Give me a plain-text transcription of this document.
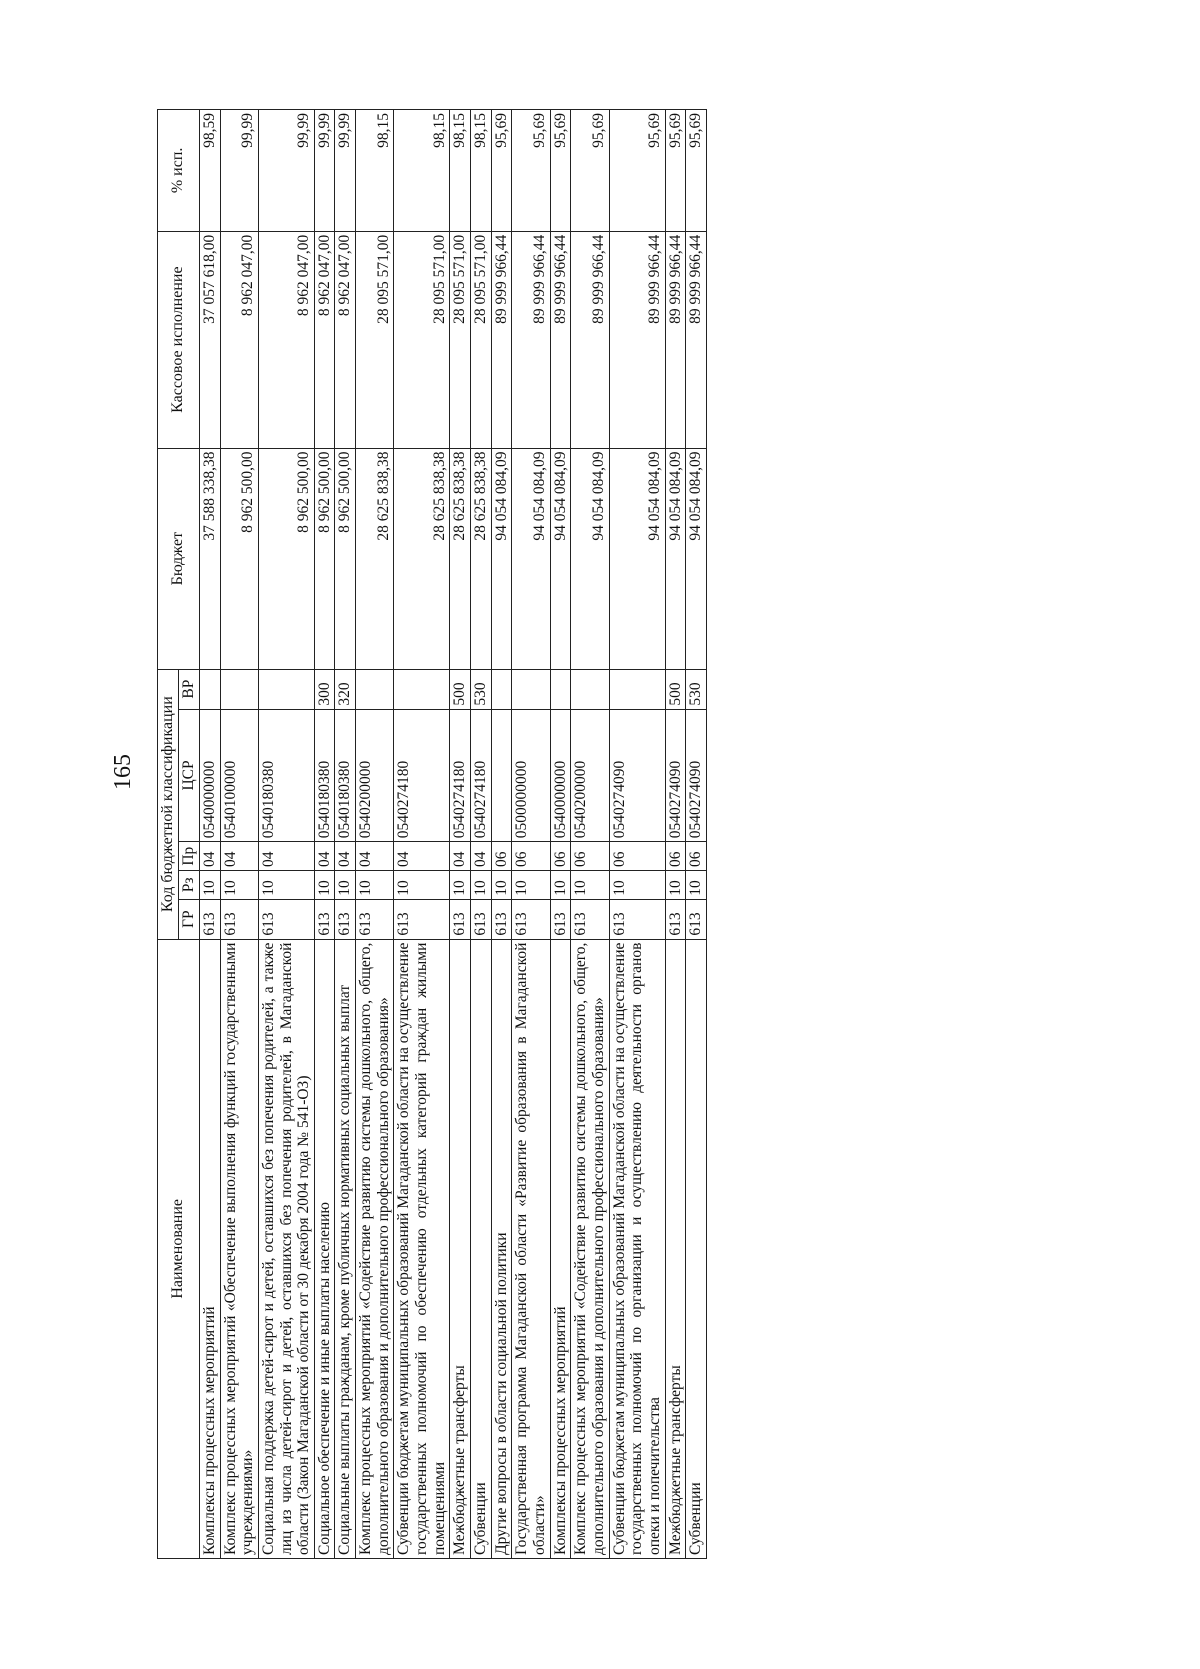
165
Наименование	Код бюджетной классификации					Бюджет	Кассовое исполнение	% исп.
	ГР	Рз	Пр	ЦСР	ВР			
Комплексы процессных мероприятий	613	10	04	0540000000		37 588 338,38	37 057 618,00	98,59
Комплекс процессных мероприятий «Обеспечение выполнения функций государственными учреждениями»	613	10	04	0540100000		8 962 500,00	8 962 047,00	99,99
Социальная поддержка детей-сирот и детей, оставшихся без попечения родителей, а также лиц из числа детей-сирот и детей, оставшихся без попечения родителей, в Магаданской области (Закон Магаданской области от 30 декабря 2004 года № 541-ОЗ)	613	10	04	0540180380		8 962 500,00	8 962 047,00	99,99
Социальное обеспечение и иные выплаты населению	613	10	04	0540180380	300	8 962 500,00	8 962 047,00	99,99
Социальные выплаты гражданам, кроме публичных нормативных социальных выплат	613	10	04	0540180380	320	8 962 500,00	8 962 047,00	99,99
Комплекс процессных мероприятий «Содействие развитию системы дошкольного, общего, дополнительного образования и дополнительного профессионального образования»	613	10	04	0540200000		28 625 838,38	28 095 571,00	98,15
Субвенции бюджетам муниципальных образований Магаданской области на осуществление государственных полномочий по обеспечению отдельных категорий граждан жилыми помещениями	613	10	04	0540274180		28 625 838,38	28 095 571,00	98,15
Межбюджетные трансферты	613	10	04	0540274180	500	28 625 838,38	28 095 571,00	98,15
Субвенции	613	10	04	0540274180	530	28 625 838,38	28 095 571,00	98,15
Другие вопросы в области социальной политики	613	10	06			94 054 084,09	89 999 966,44	95,69
Государственная программа Магаданской области «Развитие образования в Магаданской области»	613	10	06	0500000000		94 054 084,09	89 999 966,44	95,69
Комплексы процессных мероприятий	613	10	06	0540000000		94 054 084,09	89 999 966,44	95,69
Комплекс процессных мероприятий «Содействие развитию системы дошкольного, общего, дополнительного образования и дополнительного профессионального образования»	613	10	06	0540200000		94 054 084,09	89 999 966,44	95,69
Субвенции бюджетам муниципальных образований Магаданской области на осуществление государственных полномочий по организации и осуществлению деятельности органов опеки и попечительства	613	10	06	0540274090		94 054 084,09	89 999 966,44	95,69
Межбюджетные трансферты	613	10	06	0540274090	500	94 054 084,09	89 999 966,44	95,69
Субвенции	613	10	06	0540274090	530	94 054 084,09	89 999 966,44	95,69
